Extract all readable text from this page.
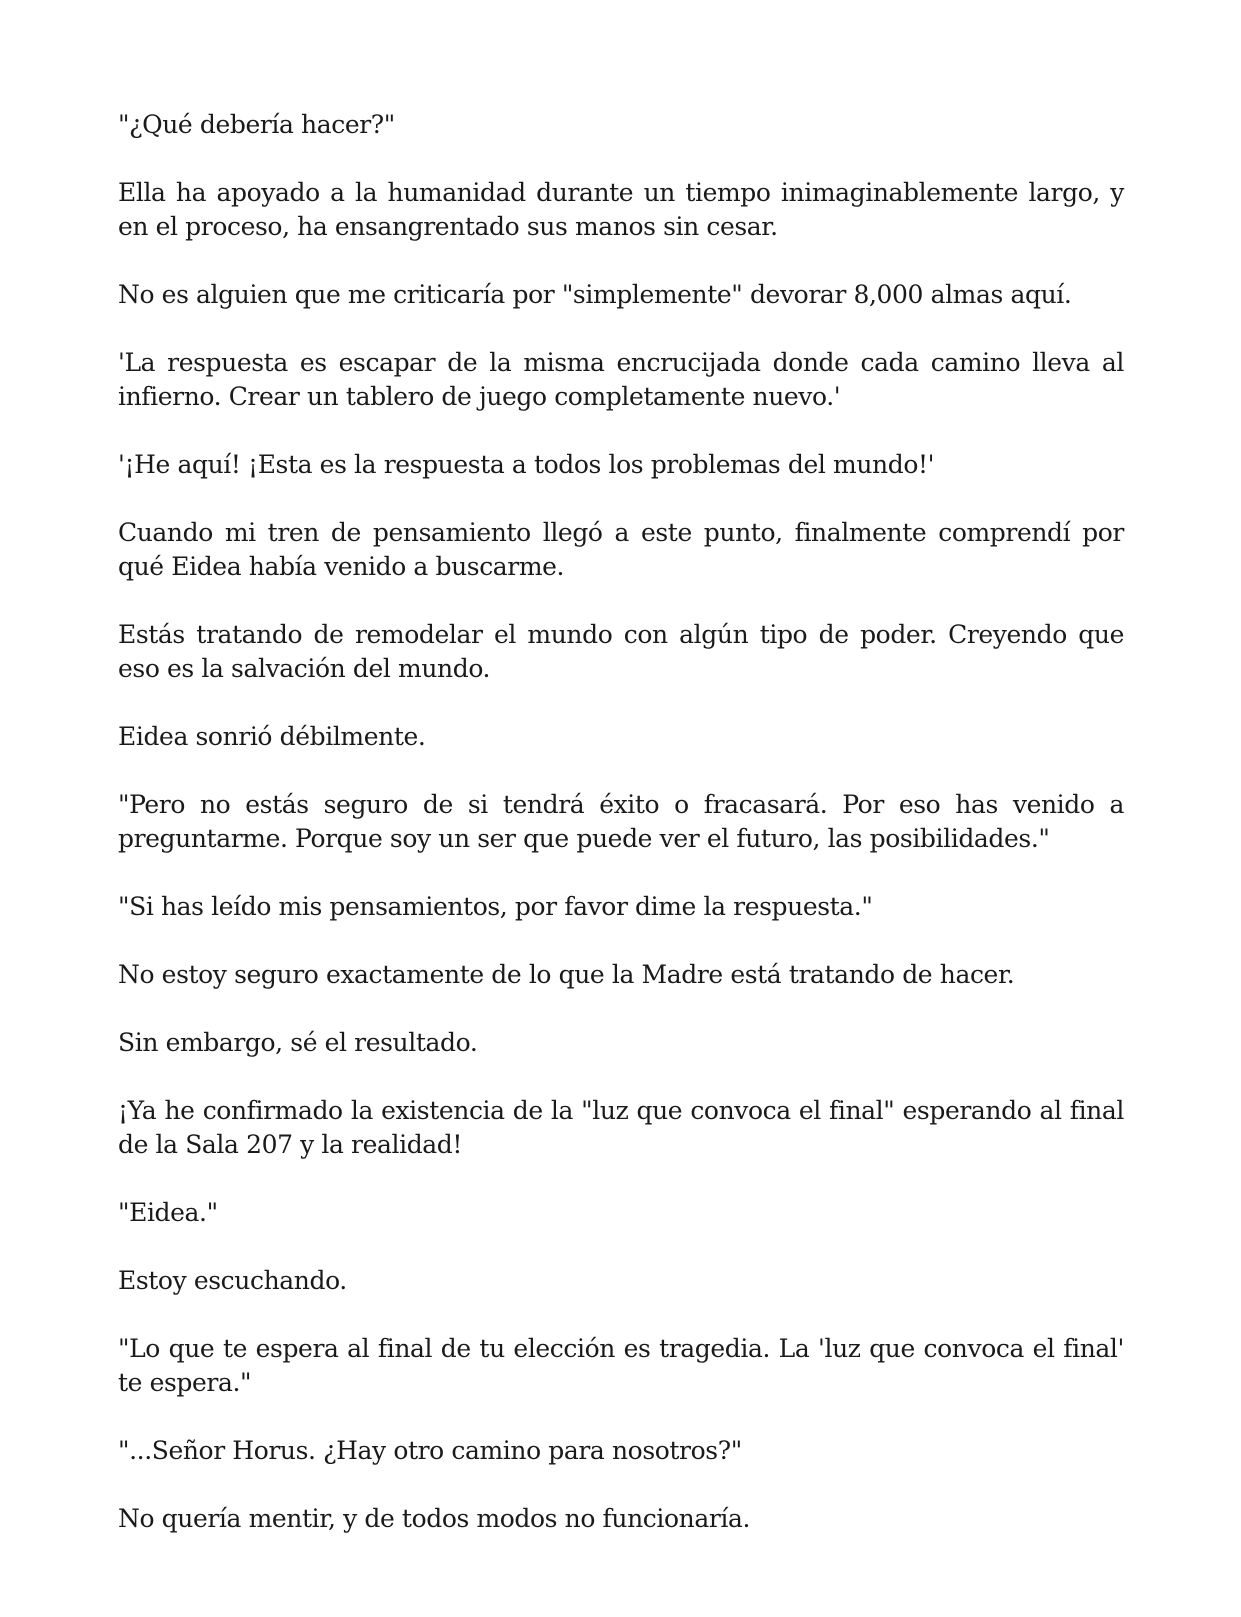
"¿Qué debería hacer?"

Ella ha apoyado a la humanidad durante un tiempo inimaginablemente largo, y en el proceso, ha ensangrentado sus manos sin cesar.

No es alguien que me criticaría por "simplemente" devorar 8,000 almas aquí.

'La respuesta es escapar de la misma encrucijada donde cada camino lleva al infierno. Crear un tablero de juego completamente nuevo.'

'¡He aquí! ¡Esta es la respuesta a todos los problemas del mundo!'

Cuando mi tren de pensamiento llegó a este punto, finalmente comprendí por qué Eidea había venido a buscarme.

Estás tratando de remodelar el mundo con algún tipo de poder. Creyendo que eso es la salvación del mundo.

Eidea sonrió débilmente.

"Pero no estás seguro de si tendrá éxito o fracasará. Por eso has venido a preguntarme. Porque soy un ser que puede ver el futuro, las posibilidades."

"Si has leído mis pensamientos, por favor dime la respuesta."

No estoy seguro exactamente de lo que la Madre está tratando de hacer.

Sin embargo, sé el resultado.

¡Ya he confirmado la existencia de la "luz que convoca el final" esperando al final de la Sala 207 y la realidad!

"Eidea."

Estoy escuchando.

"Lo que te espera al final de tu elección es tragedia. La 'luz que convoca el final' te espera."

"...Señor Horus. ¿Hay otro camino para nosotros?"

No quería mentir, y de todos modos no funcionaría.
